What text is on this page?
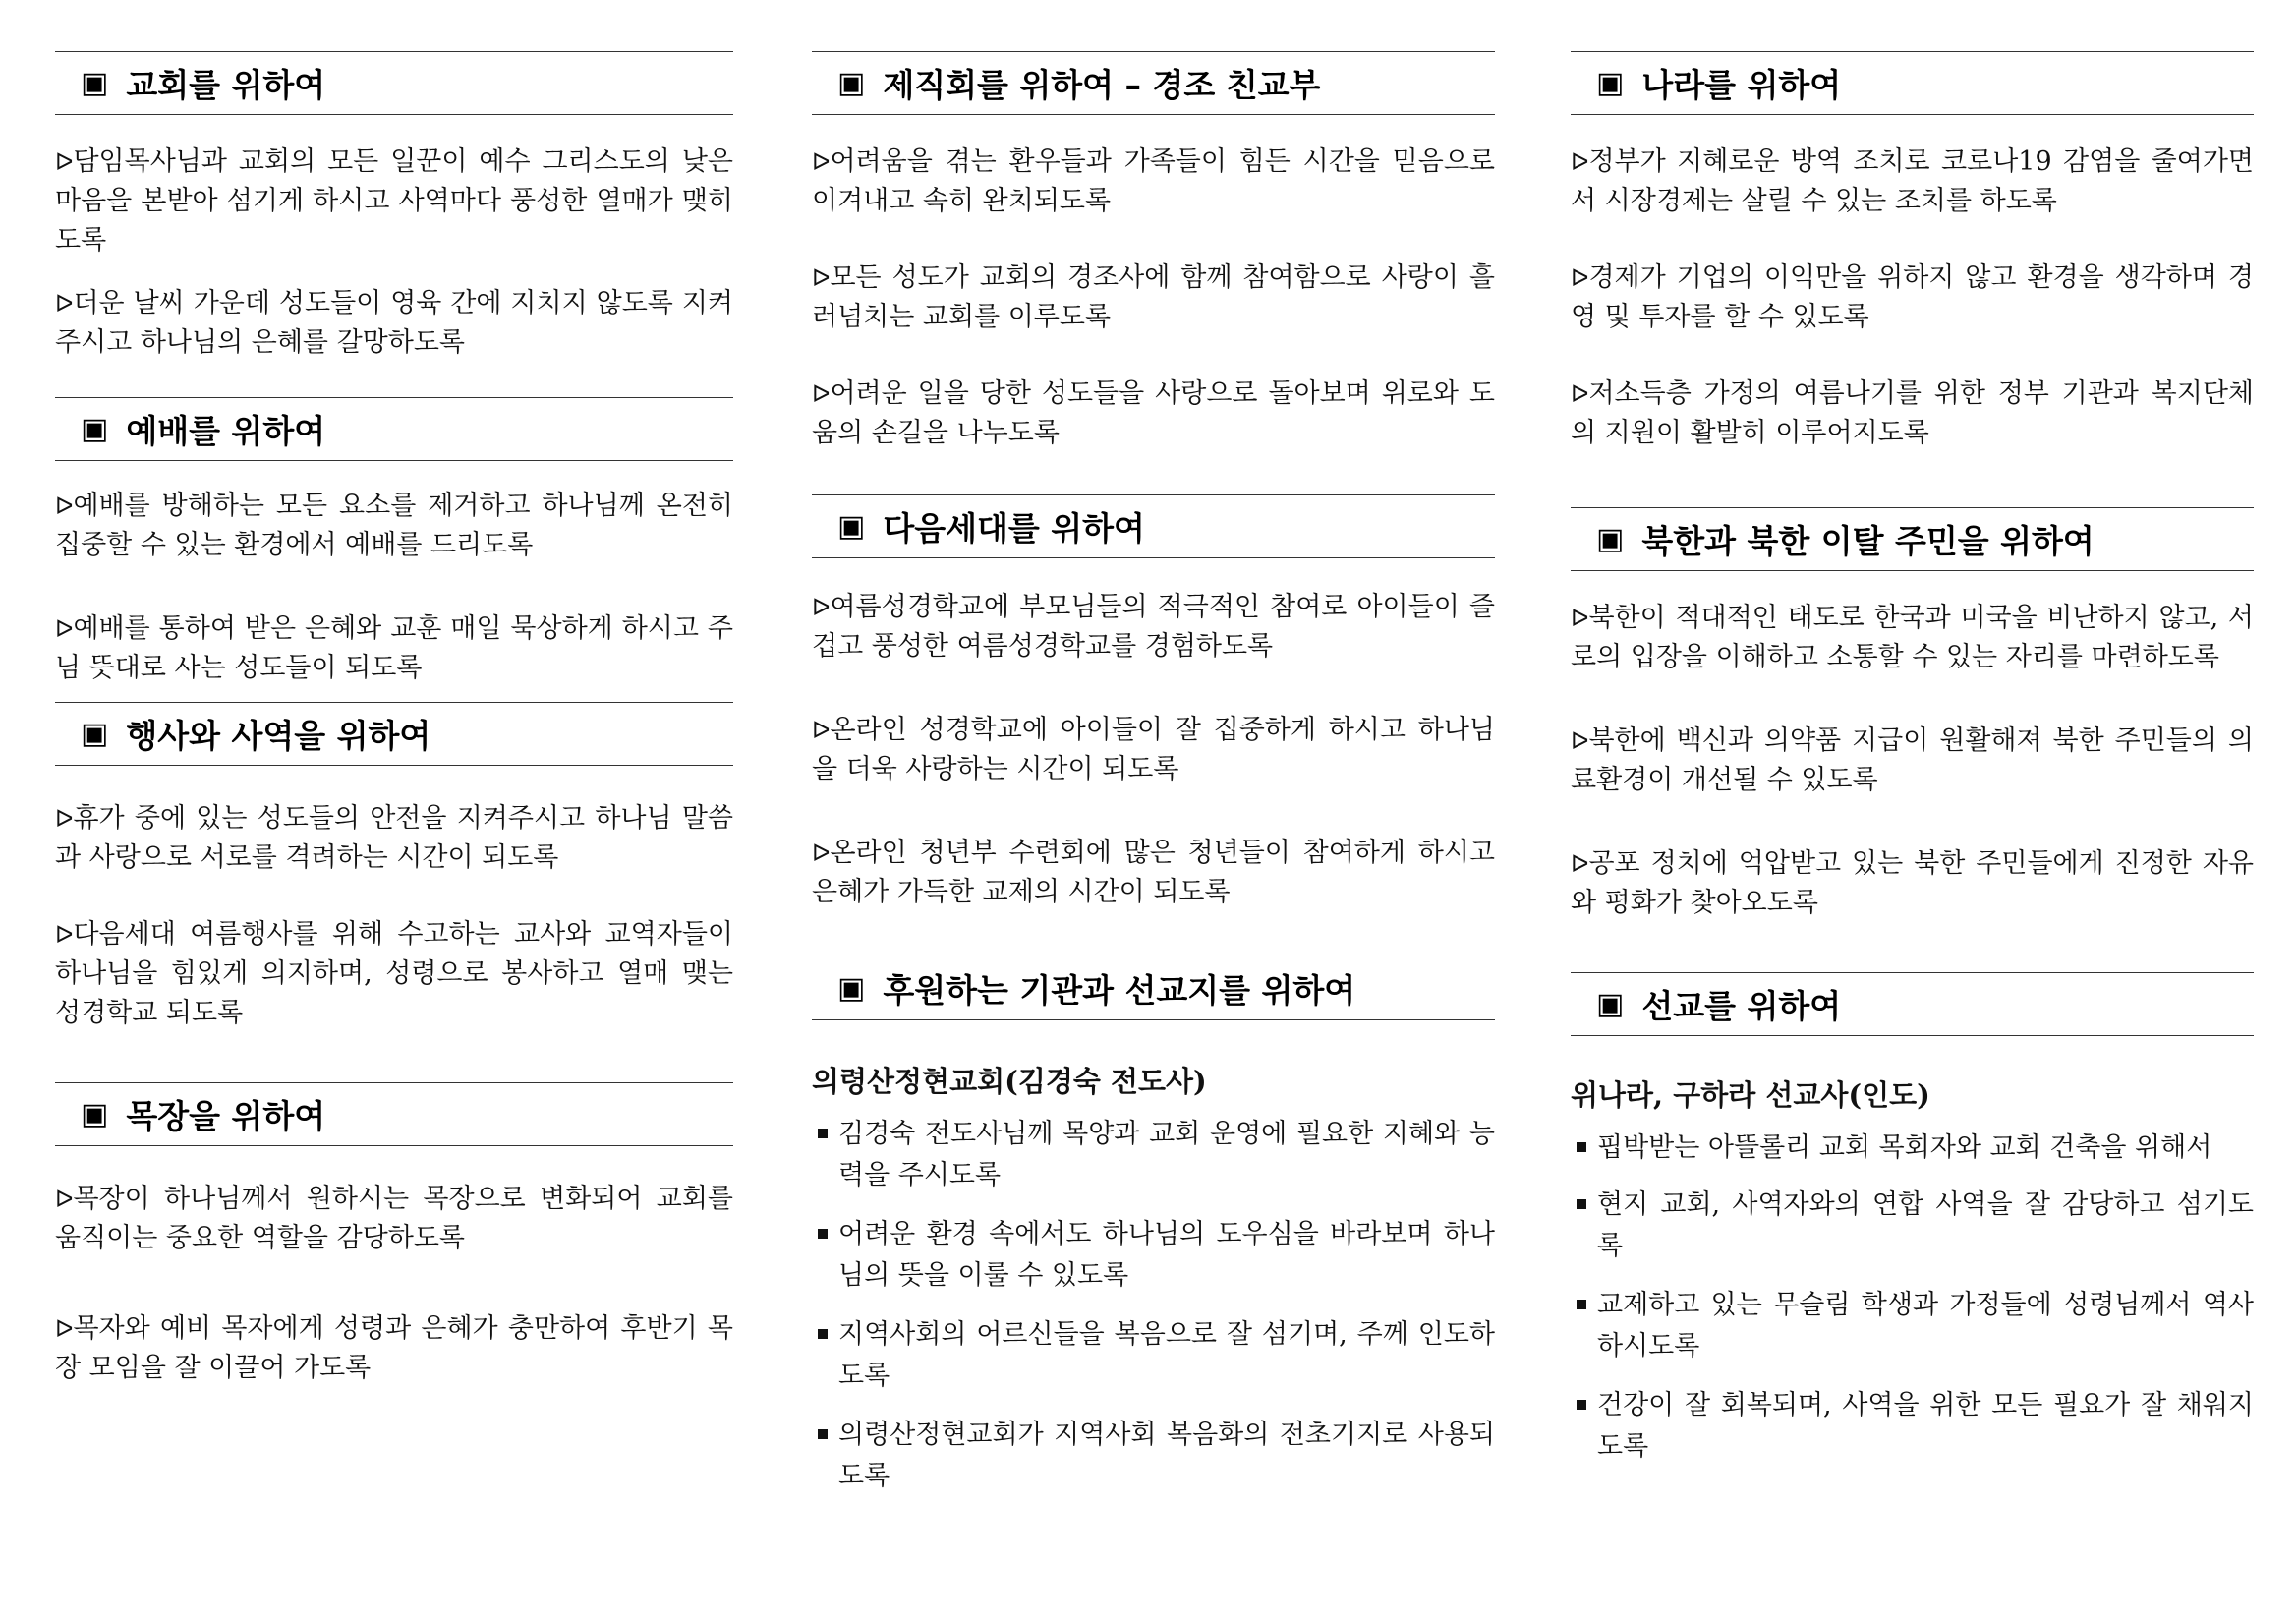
▣ 교회를 위하여

ᐅ담임목사님과 교회의 모든 일꾼이 예수 그리스도의 낮은 마음을 본받아 섬기게 하시고 사역마다 풍성한 열매가 맺히도록

ᐅ더운 날씨 가운데 성도들이 영육 간에 지치지 않도록 지켜주시고 하나님의 은혜를 갈망하도록

▣ 예배를 위하여

ᐅ예배를 방해하는 모든 요소를 제거하고 하나님께 온전히 집중할 수 있는 환경에서 예배를 드리도록

ᐅ예배를 통하여 받은 은혜와 교훈 매일 묵상하게 하시고 주님 뜻대로 사는 성도들이 되도록

▣ 행사와 사역을 위하여

ᐅ휴가 중에 있는 성도들의 안전을 지켜주시고 하나님 말씀과 사랑으로 서로를 격려하는 시간이 되도록

ᐅ다음세대 여름행사를 위해 수고하는 교사와 교역자들이 하나님을 힘있게 의지하며, 성령으로 봉사하고 열매 맺는 성경학교 되도록

▣ 목장을 위하여

ᐅ목장이 하나님께서 원하시는 목장으로 변화되어 교회를 움직이는 중요한 역할을 감당하도록

ᐅ목자와 예비 목자에게 성령과 은혜가 충만하여 후반기 목장 모임을 잘 이끌어 가도록

▣ 제직회를 위하여 – 경조 친교부

ᐅ어려움을 겪는 환우들과 가족들이 힘든 시간을 믿음으로 이겨내고 속히 완치되도록

ᐅ모든 성도가 교회의 경조사에 함께 참여함으로 사랑이 흘러넘치는 교회를 이루도록

ᐅ어려운 일을 당한 성도들을 사랑으로 돌아보며 위로와 도움의 손길을 나누도록

▣ 다음세대를 위하여

ᐅ여름성경학교에 부모님들의 적극적인 참여로 아이들이 즐겁고 풍성한 여름성경학교를 경험하도록

ᐅ온라인 성경학교에 아이들이 잘 집중하게 하시고 하나님을 더욱 사랑하는 시간이 되도록

ᐅ온라인 청년부 수련회에 많은 청년들이 참여하게 하시고 은혜가 가득한 교제의 시간이 되도록

▣ 후원하는 기관과 선교지를 위하여

의령산정현교회(김경숙 전도사)

김경숙 전도사님께 목양과 교회 운영에 필요한 지혜와 능력을 주시도록
어려운 환경 속에서도 하나님의 도우심을 바라보며 하나님의 뜻을 이룰 수 있도록
지역사회의 어르신들을 복음으로 잘 섬기며, 주께 인도하도록
의령산정현교회가 지역사회 복음화의 전초기지로 사용되도록
▣ 나라를 위하여

ᐅ정부가 지혜로운 방역 조치로 코로나19 감염을 줄여가면서 시장경제는 살릴 수 있는 조치를 하도록

ᐅ경제가 기업의 이익만을 위하지 않고 환경을 생각하며 경영 및 투자를 할 수 있도록

ᐅ저소득층 가정의 여름나기를 위한 정부 기관과 복지단체의 지원이 활발히 이루어지도록

▣ 북한과 북한 이탈 주민을 위하여

ᐅ북한이 적대적인 태도로 한국과 미국을 비난하지 않고, 서로의 입장을 이해하고 소통할 수 있는 자리를 마련하도록

ᐅ북한에 백신과 의약품 지급이 원활해져 북한 주민들의 의료환경이 개선될 수 있도록

ᐅ공포 정치에 억압받고 있는 북한 주민들에게 진정한 자유와 평화가 찾아오도록

▣ 선교를 위하여

위나라, 구하라 선교사(인도)

핍박받는 아뜰롤리 교회 목회자와 교회 건축을 위해서
현지 교회, 사역자와의 연합 사역을 잘 감당하고 섬기도록
교제하고 있는 무슬림 학생과 가정들에 성령님께서 역사하시도록
건강이 잘 회복되며, 사역을 위한 모든 필요가 잘 채워지도록
